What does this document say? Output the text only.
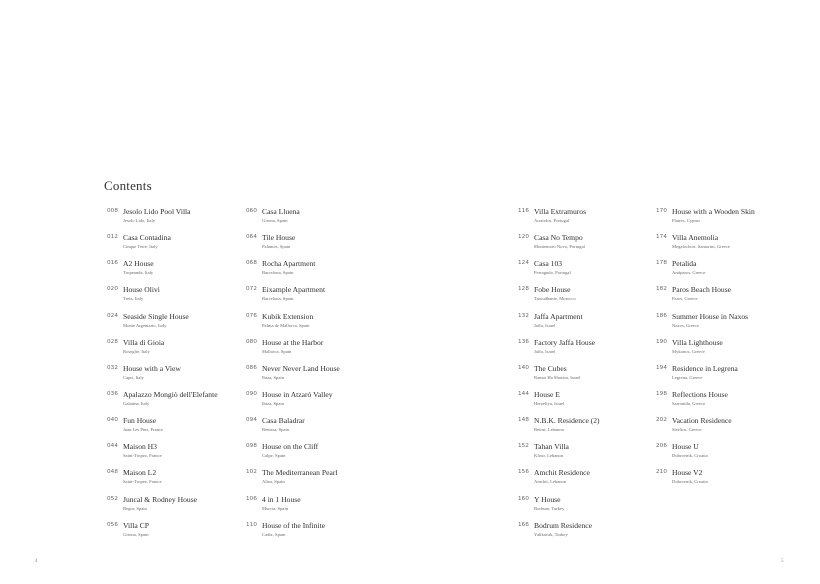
Contents
008 Jesolo Lido Pool Villa
Jesolo Lido, Italy
012 Casa Contadina
Cinque Terre, Italy
016 A2 House
Tropeanda, Italy
020 House Olivi
Treia, Italy
024 Seaside Single House
Monte Argentario, Italy
028 Villa di Gioia
Roseglie, Italy
032 House with a View
Capri, Italy
036 Apalazzo Mongiò dell'Elefante
Galatina, Italy
040 Fun House
Juan Les Pins, France
044 Maison H3
Saint-Tropez, France
048 Maison L2
Saint-Tropez, France
052 Juncal & Rodney House
Begur, Spain
056 Villa CP
Girona, Spain
060 Casa Lluena
Girona, Spain
064 Tile House
Palamós, Spain
068 Rocha Apartment
Barcelona, Spain
072 Eixample Apartment
Barcelona, Spain
076 Kubik Extension
Palma de Mallorca, Spain
080 House at the Harbor
Mallorca, Spain
086 Never Never Land House
Ibiza, Spain
090 House in Atzaró Valley
Ibiza, Spain
094 Casa Baladrar
Benissa, Spain
098 House on the Cliff
Calpe, Spain
102 The Mediterranean Pearl
Altea, Spain
106 4 in 1 House
Murcia, Spain
110 House of the Infinite
Cadiz, Spain
116 Villa Extramuros
Arraiolos, Portugal
120 Casa No Tempo
Montemoro Novo, Portugal
124 Casa 103
Ferragudo, Portugal
128 Fobe House
Taroudhante, Morocco
132 Jaffa Apartment
Jaffa, Israel
136 Factory Jaffa House
Jaffa, Israel
140 The Cubes
Ramot Ha Shavim, Israel
144 House E
Herzeliya, Israel
148 N.B.K. Residence (2)
Beirut, Lebanon
152 Tahan Villa
Kfour, Lebanon
156 Amchit Residence
Amchit, Lebanon
160 Y House
Bodrum, Turkey
166 Bodrum Residence
Yalikavak, Turkey
170 House with a Wooden Skin
Platres, Cyprus
174 Villa Anemolia
Megalochori, Santorini, Greece
178 Petalida
Antiparos, Greece
182 Paros Beach House
Paros, Greece
186 Summer House in Naxos
Naxos, Greece
190 Villa Lighthouse
Mykonos, Greece
194 Residence in Legrena
Legrena, Greece
198 Reflections House
Sarronida, Greece
202 Vacation Residence
Sterfios, Greece
206 House U
Dubrovnik, Croatia
210 House V2
Dubrovnik, Croatia
4	5
